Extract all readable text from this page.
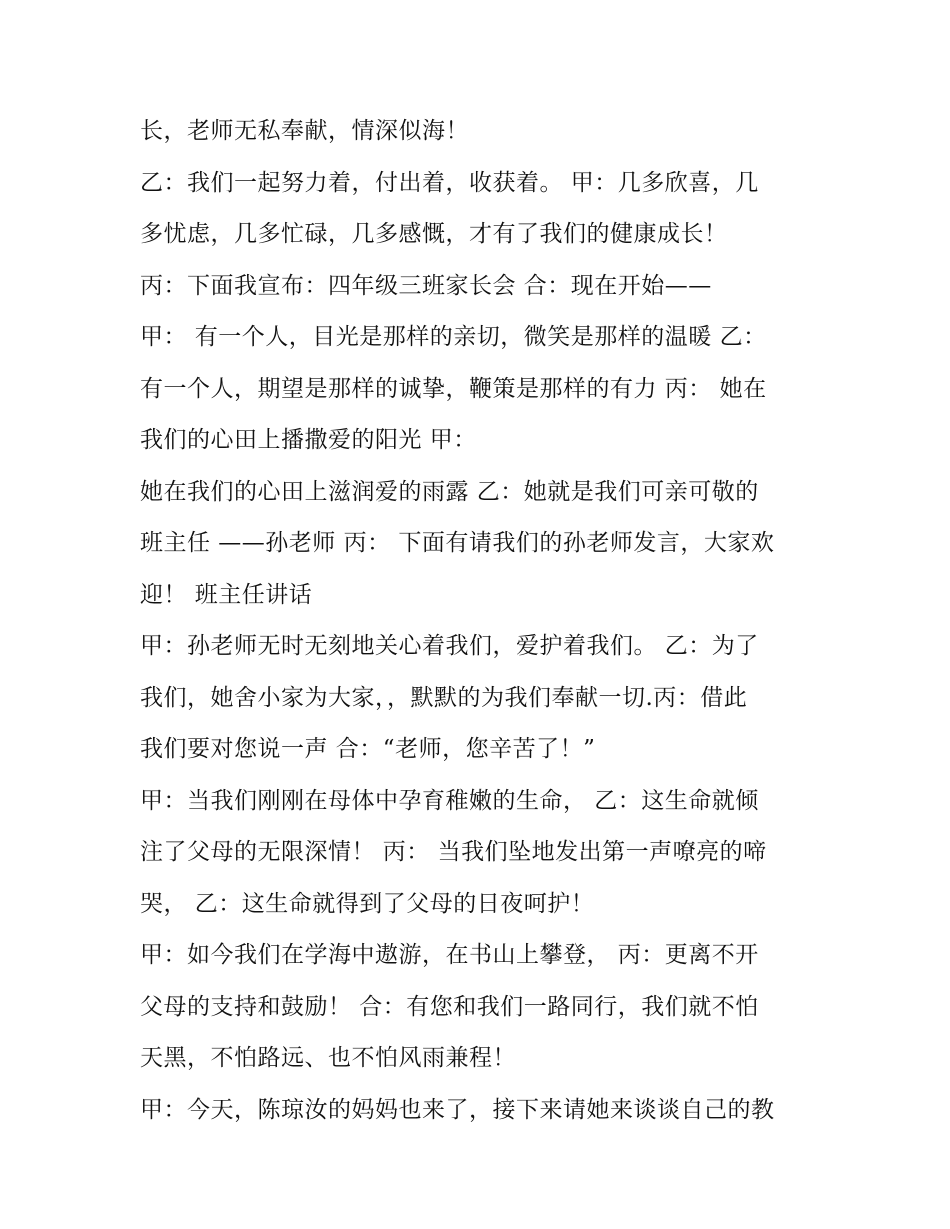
长，老师无私奉献，情深似海！
乙：我们一起努力着，付出着，收获着。 甲：几多欣喜，几
多忧虑，几多忙碌，几多感慨，才有了我们的健康成长！
丙：下面我宣布：四年级三班家长会 合：现在开始——
甲： 有一个人，目光是那样的亲切，微笑是那样的温暖 乙：
有一个人，期望是那样的诚挚，鞭策是那样的有力 丙： 她在
我们的心田上播撒爱的阳光 甲：
她在我们的心田上滋润爱的雨露 乙：她就是我们可亲可敬的
班主任 ——孙老师 丙： 下面有请我们的孙老师发言，大家欢
迎！ 班主任讲话
甲：孙老师无时无刻地关心着我们，爱护着我们。 乙：为了
我们，她舍小家为大家，，默默的为我们奉献一切.丙：借此
我们要对您说一声 合：“老师，您辛苦了！”
甲：当我们刚刚在母体中孕育稚嫩的生命， 乙：这生命就倾
注了父母的无限深情！ 丙： 当我们坠地发出第一声嘹亮的啼
哭， 乙：这生命就得到了父母的日夜呵护！
甲：如今我们在学海中遨游，在书山上攀登， 丙：更离不开
父母的支持和鼓励！ 合：有您和我们一路同行，我们就不怕
天黑，不怕路远、也不怕风雨兼程！
甲：今天，陈琼汝的妈妈也来了，接下来请她来谈谈自己的教
